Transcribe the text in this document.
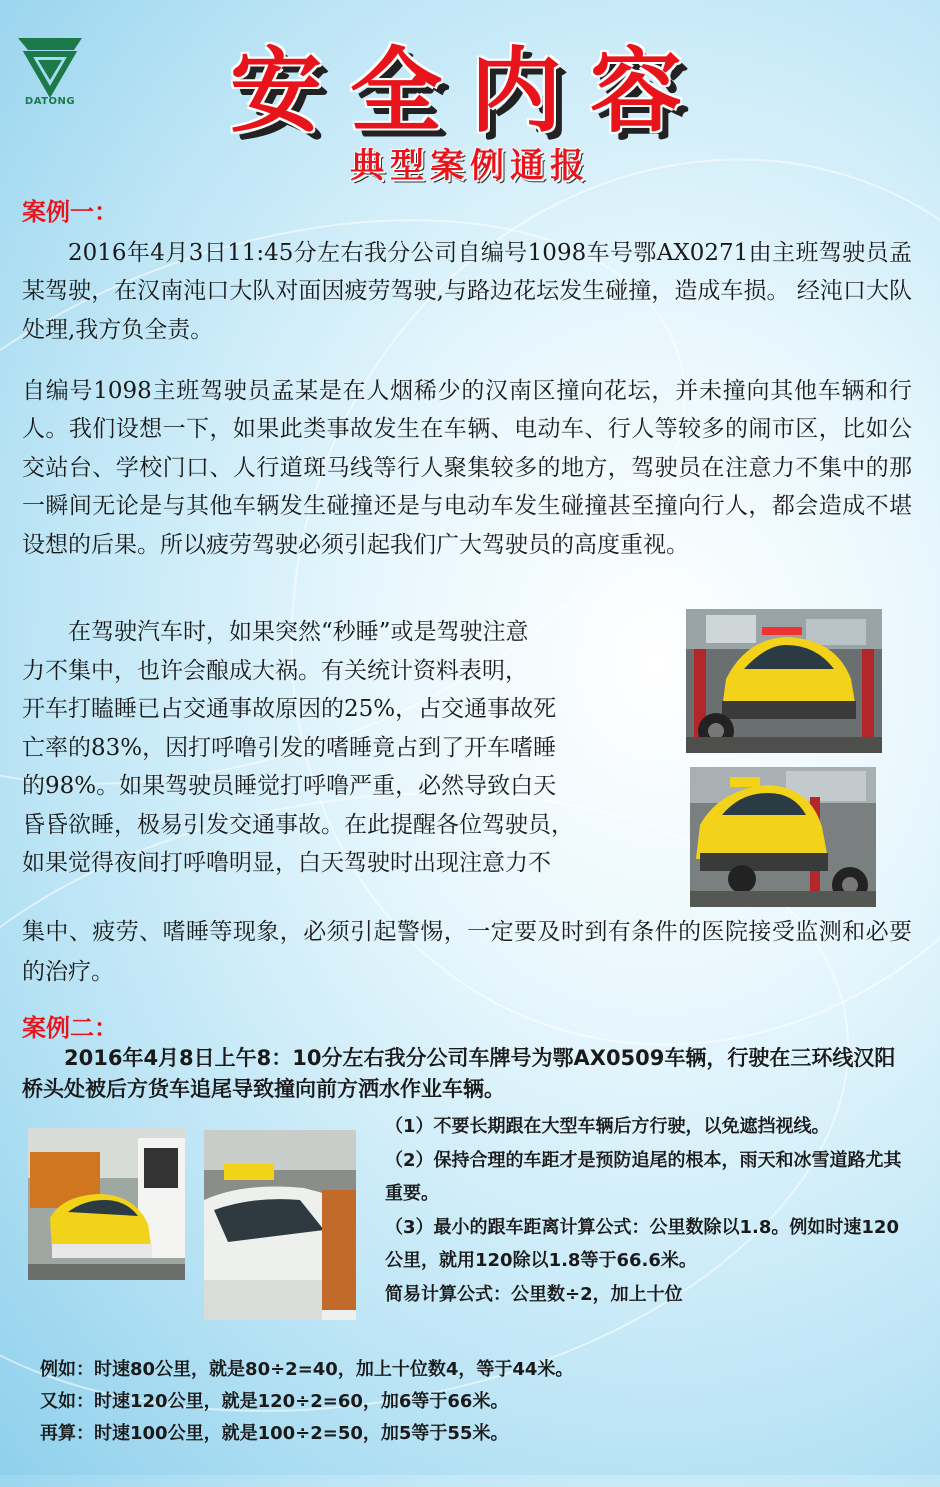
DATONG	安全内容
典型案例通报
案例一：
2016年4月3日11:45分左右我分公司自编号1098车号鄂AX0271由主班驾驶员孟某驾驶，在汉南沌口大队对面因疲劳驾驶,与路边花坛发生碰撞，造成车损。 经沌口大队处理,我方负全责。
自编号1098主班驾驶员孟某是在人烟稀少的汉南区撞向花坛，并未撞向其他车辆和行人。我们设想一下，如果此类事故发生在车辆、电动车、行人等较多的闹市区，比如公交站台、学校门口、人行道斑马线等行人聚集较多的地方，驾驶员在注意力不集中的那一瞬间无论是与其他车辆发生碰撞还是与电动车发生碰撞甚至撞向行人，都会造成不堪设想的后果。所以疲劳驾驶必须引起我们广大驾驶员的高度重视。
在驾驶汽车时，如果突然“秒睡”或是驾驶注意
力不集中，也许会酿成大祸。有关统计资料表明，
开车打瞌睡已占交通事故原因的25%，占交通事故死
亡率的83%，因打呼噜引发的嗜睡竟占到了开车嗜睡
的98%。如果驾驶员睡觉打呼噜严重，必然导致白天
昏昏欲睡，极易引发交通事故。在此提醒各位驾驶员，
如果觉得夜间打呼噜明显，白天驾驶时出现注意力不
集中、疲劳、嗜睡等现象，必须引起警惕，一定要及时到有条件的医院接受监测和必要的治疗。
案例二：
2016年4月8日上午8：10分左右我分公司车牌号为鄂AX0509车辆，行驶在三环线汉阳桥头处被后方货车追尾导致撞向前方洒水作业车辆。
（1）不要长期跟在大型车辆后方行驶，以免遮挡视线。
（2）保持合理的车距才是预防追尾的根本，雨天和冰雪道路尤其重要。
（3）最小的跟车距离计算公式：公里数除以1.8。例如时速120公里，就用120除以1.8等于66.6米。
简易计算公式：公里数÷2，加上十位
例如：时速80公里，就是80÷2=40，加上十位数4，等于44米。
又如：时速120公里，就是120÷2=60，加6等于66米。
再算：时速100公里，就是100÷2=50，加5等于55米。
